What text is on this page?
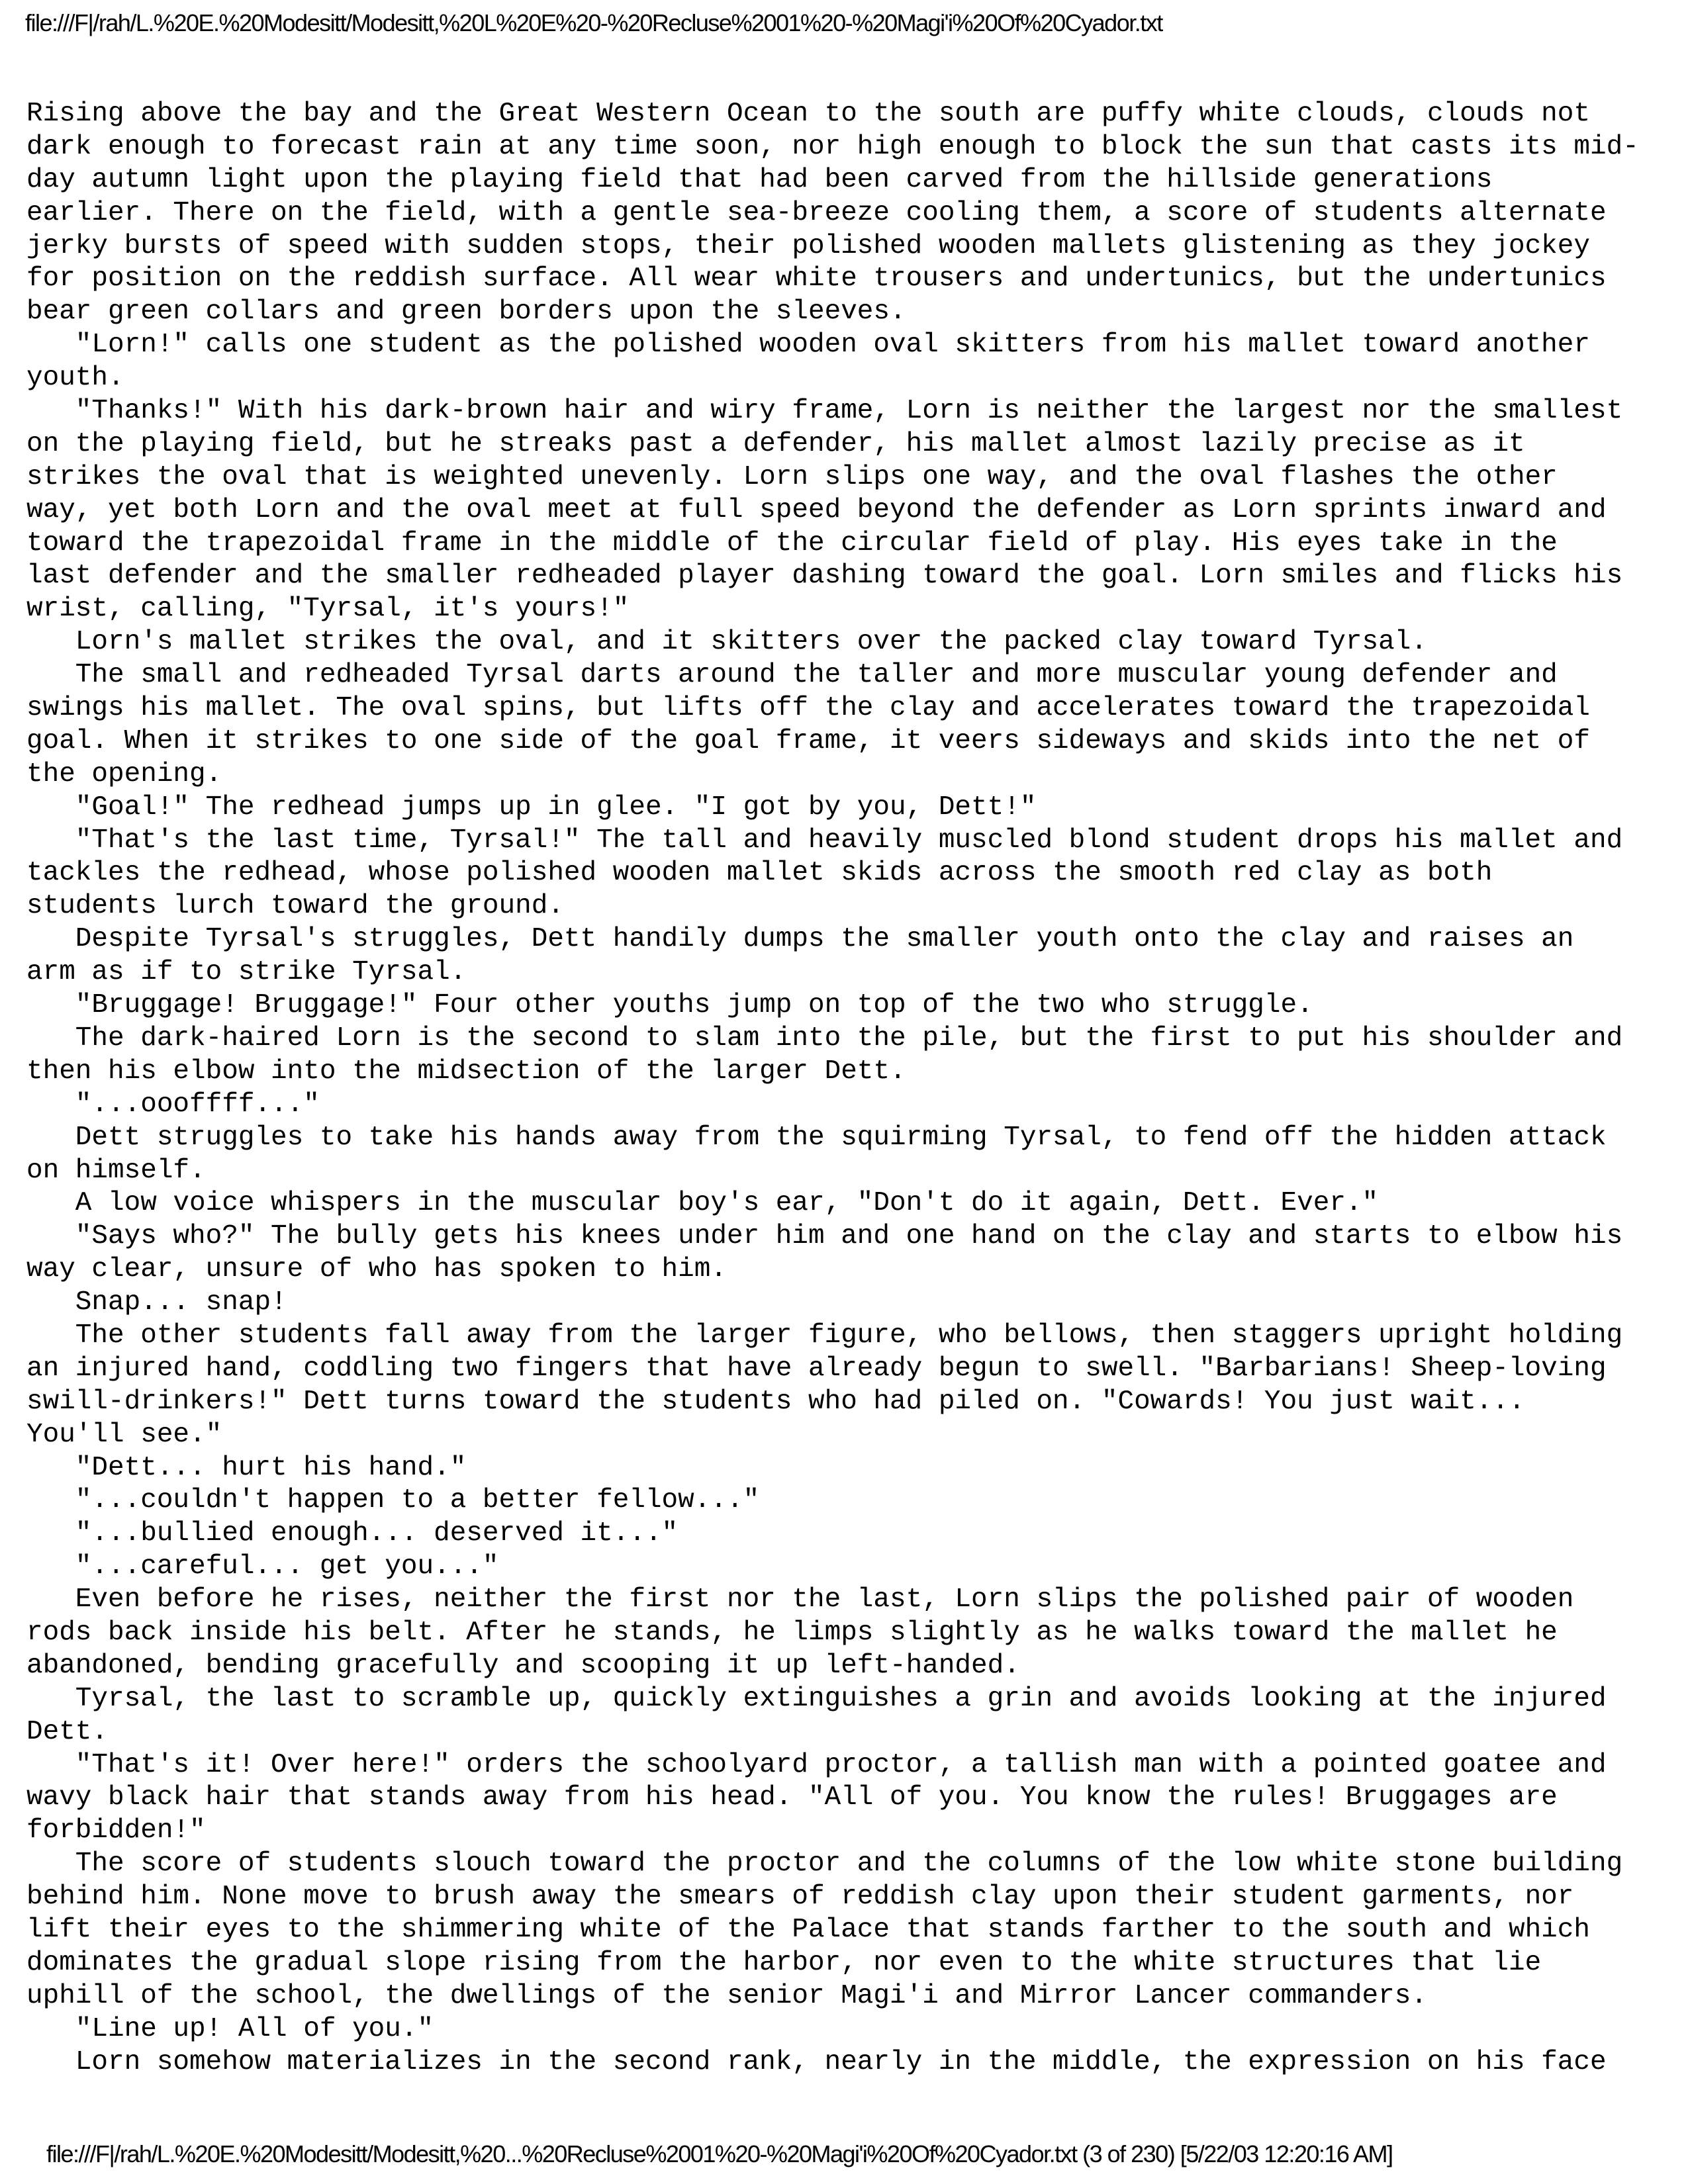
file:///F|/rah/L.%20E.%20Modesitt/Modesitt,%20L%20E%20-%20Recluse%2001%20-%20Magi'i%20Of%20Cyador.txt
Rising above the bay and the Great Western Ocean to the south are puffy white clouds, clouds not
dark enough to forecast rain at any time soon, nor high enough to block the sun that casts its mid-
day autumn light upon the playing field that had been carved from the hillside generations
earlier. There on the field, with a gentle sea-breeze cooling them, a score of students alternate
jerky bursts of speed with sudden stops, their polished wooden mallets glistening as they jockey
for position on the reddish surface. All wear white trousers and undertunics, but the undertunics
bear green collars and green borders upon the sleeves.
"Lorn!" calls one student as the polished wooden oval skitters from his mallet toward another
youth.
"Thanks!" With his dark-brown hair and wiry frame, Lorn is neither the largest nor the smallest
on the playing field, but he streaks past a defender, his mallet almost lazily precise as it
strikes the oval that is weighted unevenly. Lorn slips one way, and the oval flashes the other
way, yet both Lorn and the oval meet at full speed beyond the defender as Lorn sprints inward and
toward the trapezoidal frame in the middle of the circular field of play. His eyes take in the
last defender and the smaller redheaded player dashing toward the goal. Lorn smiles and flicks his
wrist, calling, "Tyrsal, it's yours!"
Lorn's mallet strikes the oval, and it skitters over the packed clay toward Tyrsal.
The small and redheaded Tyrsal darts around the taller and more muscular young defender and
swings his mallet. The oval spins, but lifts off the clay and accelerates toward the trapezoidal
goal. When it strikes to one side of the goal frame, it veers sideways and skids into the net of
the opening.
"Goal!" The redhead jumps up in glee. "I got by you, Dett!"
"That's the last time, Tyrsal!" The tall and heavily muscled blond student drops his mallet and
tackles the redhead, whose polished wooden mallet skids across the smooth red clay as both
students lurch toward the ground.
Despite Tyrsal's struggles, Dett handily dumps the smaller youth onto the clay and raises an
arm as if to strike Tyrsal.
"Bruggage! Bruggage!" Four other youths jump on top of the two who struggle.
The dark-haired Lorn is the second to slam into the pile, but the first to put his shoulder and
then his elbow into the midsection of the larger Dett.
"...oooffff..."
Dett struggles to take his hands away from the squirming Tyrsal, to fend off the hidden attack
on himself.
A low voice whispers in the muscular boy's ear, "Don't do it again, Dett. Ever."
"Says who?" The bully gets his knees under him and one hand on the clay and starts to elbow his
way clear, unsure of who has spoken to him.
Snap... snap!
The other students fall away from the larger figure, who bellows, then staggers upright holding
an injured hand, coddling two fingers that have already begun to swell. "Barbarians! Sheep-loving
swill-drinkers!" Dett turns toward the students who had piled on. "Cowards! You just wait...
You'll see."
"Dett... hurt his hand."
"...couldn't happen to a better fellow..."
"...bullied enough... deserved it..."
"...careful... get you..."
Even before he rises, neither the first nor the last, Lorn slips the polished pair of wooden
rods back inside his belt. After he stands, he limps slightly as he walks toward the mallet he
abandoned, bending gracefully and scooping it up left-handed.
Tyrsal, the last to scramble up, quickly extinguishes a grin and avoids looking at the injured
Dett.
"That's it! Over here!" orders the schoolyard proctor, a tallish man with a pointed goatee and
wavy black hair that stands away from his head. "All of you. You know the rules! Bruggages are
forbidden!"
The score of students slouch toward the proctor and the columns of the low white stone building
behind him. None move to brush away the smears of reddish clay upon their student garments, nor
lift their eyes to the shimmering white of the Palace that stands farther to the south and which
dominates the gradual slope rising from the harbor, nor even to the white structures that lie
uphill of the school, the dwellings of the senior Magi'i and Mirror Lancer commanders.
"Line up! All of you."
Lorn somehow materializes in the second rank, nearly in the middle, the expression on his face
file:///F|/rah/L.%20E.%20Modesitt/Modesitt,%20...%20Recluse%2001%20-%20Magi'i%20Of%20Cyador.txt (3 of 230) [5/22/03 12:20:16 AM]
